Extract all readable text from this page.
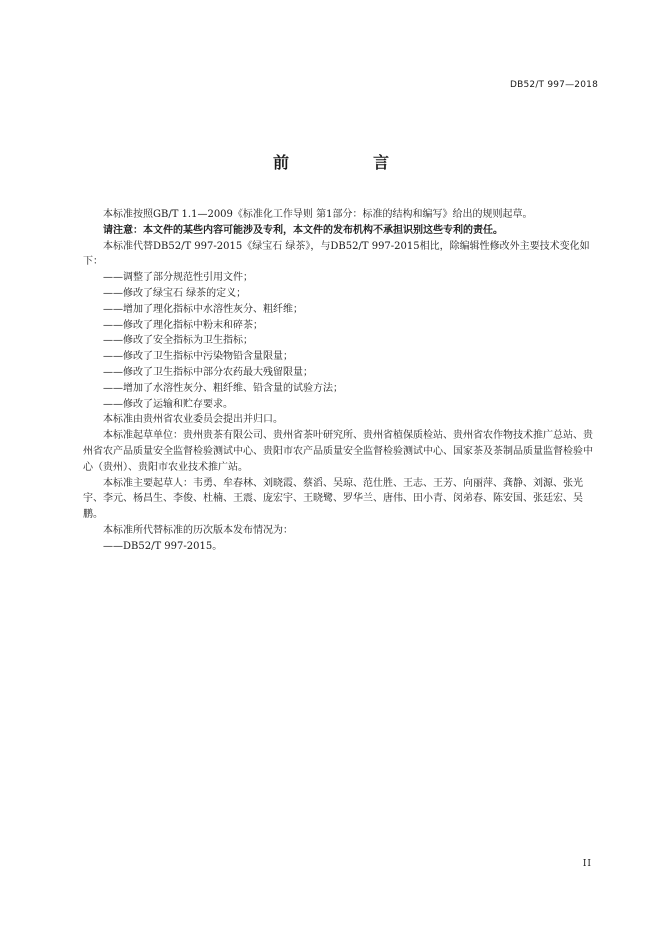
DB52/T 997—2018
前　言

本标准按照GB/T 1.1—2009《标准化工作导则 第1部分：标准的结构和编写》给出的规则起草。

请注意：本文件的某些内容可能涉及专利，本文件的发布机构不承担识别这些专利的责任。

本标准代替DB52/T 997-2015《绿宝石 绿茶》，与DB52/T 997-2015相比，除编辑性修改外主要技术变化如下：

——调整了部分规范性引用文件；

——修改了绿宝石 绿茶的定义；

——增加了理化指标中水溶性灰分、粗纤维；

——修改了理化指标中粉末和碎茶；

——修改了安全指标为卫生指标；

——修改了卫生指标中污染物铅含量限量；

——修改了卫生指标中部分农药最大残留限量；

——增加了水溶性灰分、粗纤维、铅含量的试验方法；

——修改了运输和贮存要求。

本标准由贵州省农业委员会提出并归口。

本标准起草单位：贵州贵茶有限公司、贵州省茶叶研究所、贵州省植保质检站、贵州省农作物技术推广总站、贵州省农产品质量安全监督检验测试中心、贵阳市农产品质量安全监督检验测试中心、国家茶及茶制品质量监督检验中心（贵州）、贵阳市农业技术推广站。

本标准主要起草人：韦勇、牟春林、刘晓霞、蔡滔、吴琼、范仕胜、王志、王芳、向丽萍、龚静、刘源、张光宇、李元、杨昌生、李俊、杜楠、王震、庞宏宇、王晓鹭、罗华兰、唐伟、田小青、闵弟春、陈安国、张廷宏、吴鹏。

本标准所代替标准的历次版本发布情况为：

——DB52/T 997-2015。

II
